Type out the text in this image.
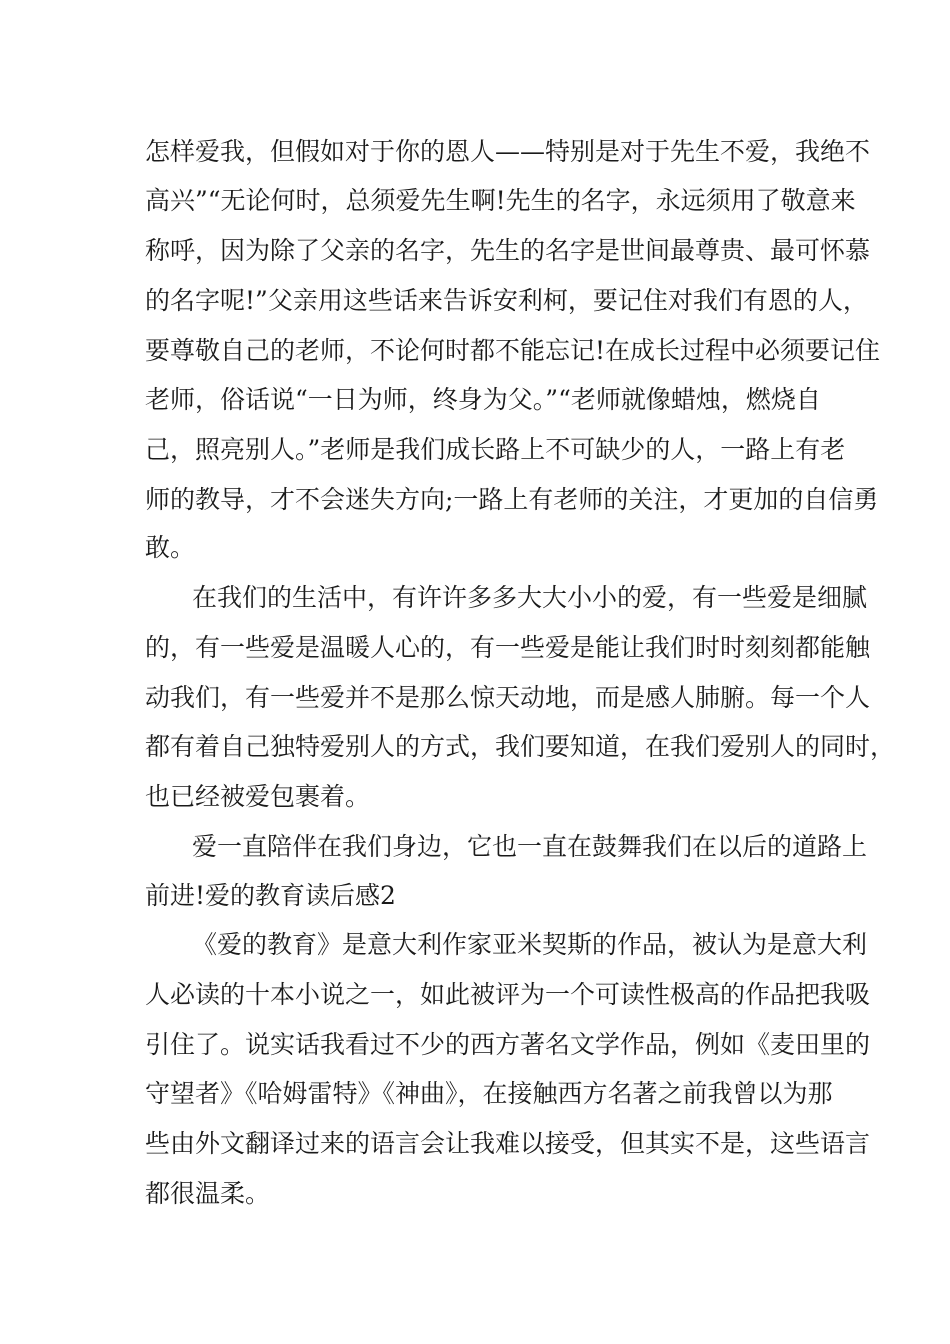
怎样爱我，但假如对于你的恩人——特别是对于先生不爱，我绝不
高兴”“无论何时，总须爱先生啊!先生的名字，永远须用了敬意来
称呼，因为除了父亲的名字，先生的名字是世间最尊贵、最可怀慕
的名字呢!”父亲用这些话来告诉安利柯，要记住对我们有恩的人，
要尊敬自己的老师，不论何时都不能忘记!在成长过程中必须要记住
老师，俗话说“一日为师，终身为父。”“老师就像蜡烛，燃烧自
己，照亮别人。”老师是我们成长路上不可缺少的人，一路上有老
师的教导，才不会迷失方向;一路上有老师的关注，才更加的自信勇
敢。
在我们的生活中，有许许多多大大小小的爱，有一些爱是细腻
的，有一些爱是温暖人心的，有一些爱是能让我们时时刻刻都能触
动我们，有一些爱并不是那么惊天动地，而是感人肺腑。每一个人
都有着自己独特爱别人的方式，我们要知道，在我们爱别人的同时，
也已经被爱包裹着。
爱一直陪伴在我们身边，它也一直在鼓舞我们在以后的道路上
前进!爱的教育读后感2
《爱的教育》是意大利作家亚米契斯的作品，被认为是意大利
人必读的十本小说之一，如此被评为一个可读性极高的作品把我吸
引住了。说实话我看过不少的西方著名文学作品，例如《麦田里的
守望者》《哈姆雷特》《神曲》，在接触西方名著之前我曾以为那
些由外文翻译过来的语言会让我难以接受，但其实不是，这些语言
都很温柔。
